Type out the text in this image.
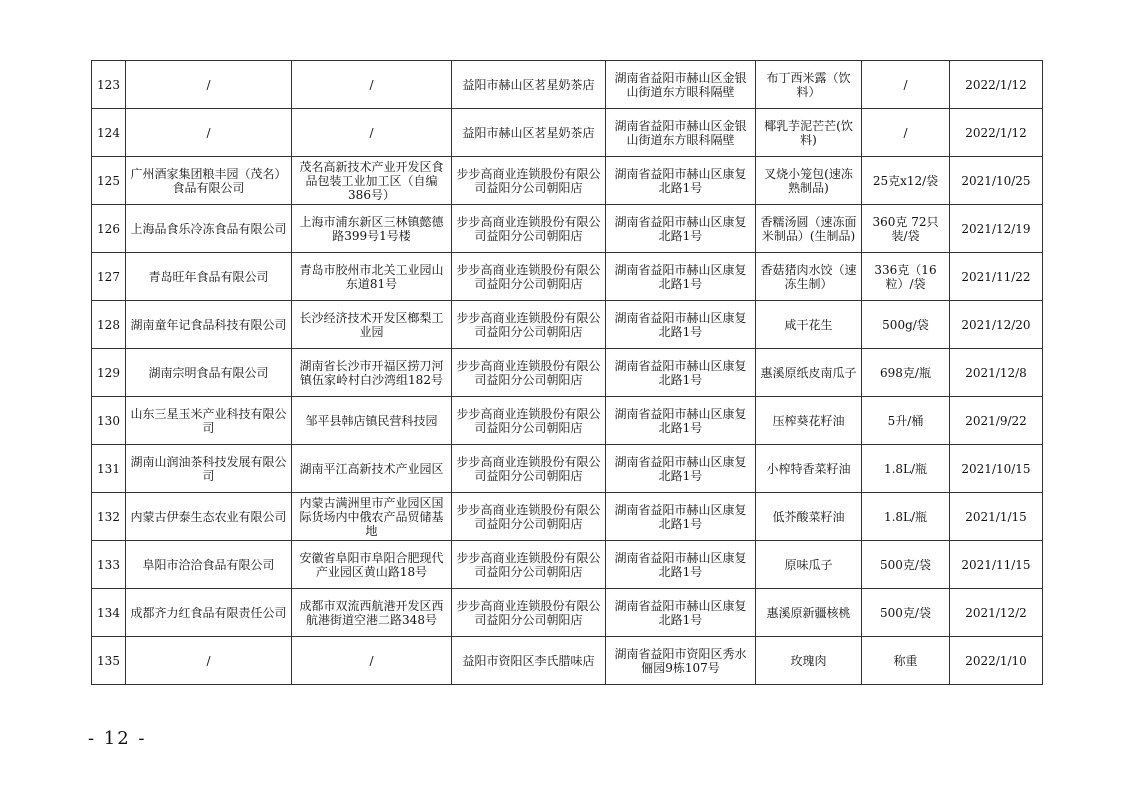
123	/	/	益阳市赫山区茗星奶茶店	湖南省益阳市赫山区金银山街道东方眼科隔壁	布丁西米露（饮料）	/	2022/1/12
124	/	/	益阳市赫山区茗星奶茶店	湖南省益阳市赫山区金银山街道东方眼科隔壁	椰乳芋泥芒芒(饮料)	/	2022/1/12
125	广州酒家集团粮丰园（茂名）食品有限公司	茂名高新技术产业开发区食品包装工业加工区（自编386号）	步步高商业连锁股份有限公司益阳分公司朝阳店	湖南省益阳市赫山区康复北路1号	叉烧小笼包(速冻熟制品)	25克x12/袋	2021/10/25
126	上海品食乐冷冻食品有限公司	上海市浦东新区三林镇懿德路399号1号楼	步步高商业连锁股份有限公司益阳分公司朝阳店	湖南省益阳市赫山区康复北路1号	香糯汤圆（速冻面米制品）(生制品)	360克 72只装/袋	2021/12/19
127	青岛旺年食品有限公司	青岛市胶州市北关工业园山东道81号	步步高商业连锁股份有限公司益阳分公司朝阳店	湖南省益阳市赫山区康复北路1号	香菇猪肉水饺（速冻生制）	336克（16粒）/袋	2021/11/22
128	湖南童年记食品科技有限公司	长沙经济技术开发区榔梨工业园	步步高商业连锁股份有限公司益阳分公司朝阳店	湖南省益阳市赫山区康复北路1号	咸干花生	500g/袋	2021/12/20
129	湖南宗明食品有限公司	湖南省长沙市开福区捞刀河镇伍家岭村白沙湾组182号	步步高商业连锁股份有限公司益阳分公司朝阳店	湖南省益阳市赫山区康复北路1号	惠溪原纸皮南瓜子	698克/瓶	2021/12/8
130	山东三星玉米产业科技有限公司	邹平县韩店镇民营科技园	步步高商业连锁股份有限公司益阳分公司朝阳店	湖南省益阳市赫山区康复北路1号	压榨葵花籽油	5升/桶	2021/9/22
131	湖南山润油茶科技发展有限公司	湖南平江高新技术产业园区	步步高商业连锁股份有限公司益阳分公司朝阳店	湖南省益阳市赫山区康复北路1号	小榨特香菜籽油	1.8L/瓶	2021/10/15
132	内蒙古伊泰生态农业有限公司	内蒙古满洲里市产业园区国际货场内中俄农产品贸储基地	步步高商业连锁股份有限公司益阳分公司朝阳店	湖南省益阳市赫山区康复北路1号	低芥酸菜籽油	1.8L/瓶	2021/1/15
133	阜阳市洽洽食品有限公司	安徽省阜阳市阜阳合肥现代产业园区黄山路18号	步步高商业连锁股份有限公司益阳分公司朝阳店	湖南省益阳市赫山区康复北路1号	原味瓜子	500克/袋	2021/11/15
134	成都齐力红食品有限责任公司	成都市双流西航港开发区西航港街道空港二路348号	步步高商业连锁股份有限公司益阳分公司朝阳店	湖南省益阳市赫山区康复北路1号	惠溪原新疆核桃	500克/袋	2021/12/2
135	/	/	益阳市资阳区李氏腊味店	湖南省益阳市资阳区秀水俪园9栋107号	玫瑰肉	称重	2022/1/10
- 12 -
